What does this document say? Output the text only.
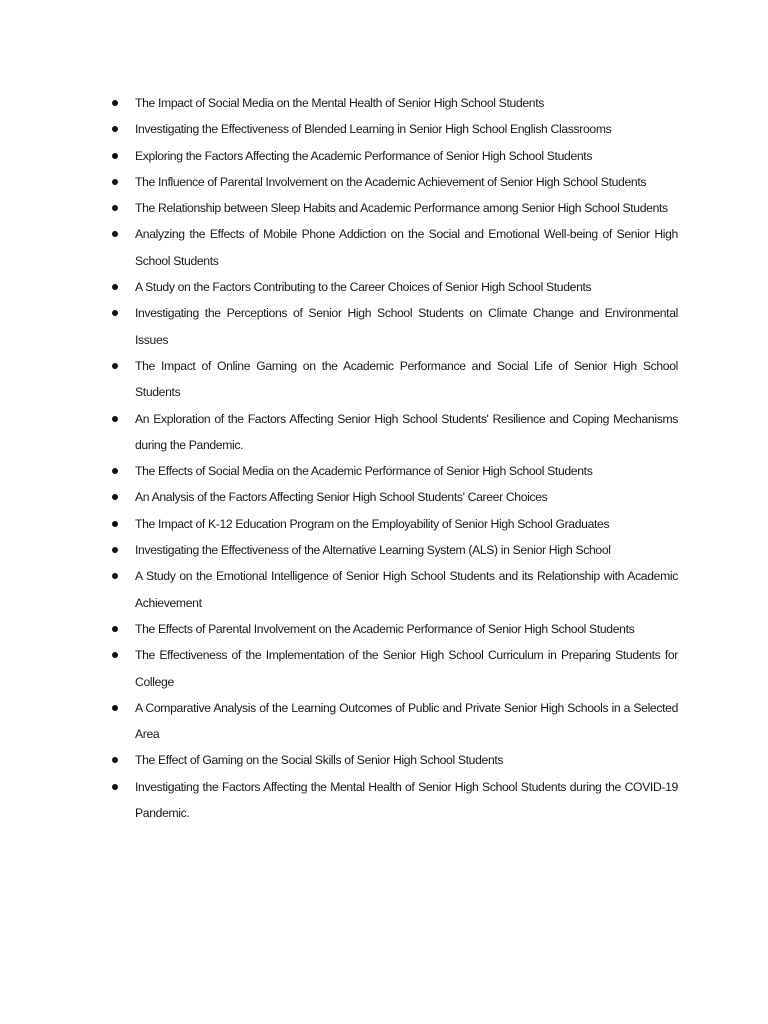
The Impact of Social Media on the Mental Health of Senior High School Students
Investigating the Effectiveness of Blended Learning in Senior High School English Classrooms
Exploring the Factors Affecting the Academic Performance of Senior High School Students
The Influence of Parental Involvement on the Academic Achievement of Senior High School Students
The Relationship between Sleep Habits and Academic Performance among Senior High School Students
Analyzing the Effects of Mobile Phone Addiction on the Social and Emotional Well-being of Senior High School Students
A Study on the Factors Contributing to the Career Choices of Senior High School Students
Investigating the Perceptions of Senior High School Students on Climate Change and Environmental Issues
The Impact of Online Gaming on the Academic Performance and Social Life of Senior High School Students
An Exploration of the Factors Affecting Senior High School Students' Resilience and Coping Mechanisms during the Pandemic.
The Effects of Social Media on the Academic Performance of Senior High School Students
An Analysis of the Factors Affecting Senior High School Students' Career Choices
The Impact of K-12 Education Program on the Employability of Senior High School Graduates
Investigating the Effectiveness of the Alternative Learning System (ALS) in Senior High School
A Study on the Emotional Intelligence of Senior High School Students and its Relationship with Academic Achievement
The Effects of Parental Involvement on the Academic Performance of Senior High School Students
The Effectiveness of the Implementation of the Senior High School Curriculum in Preparing Students for College
A Comparative Analysis of the Learning Outcomes of Public and Private Senior High Schools in a Selected Area
The Effect of Gaming on the Social Skills of Senior High School Students
Investigating the Factors Affecting the Mental Health of Senior High School Students during the COVID-19 Pandemic.
